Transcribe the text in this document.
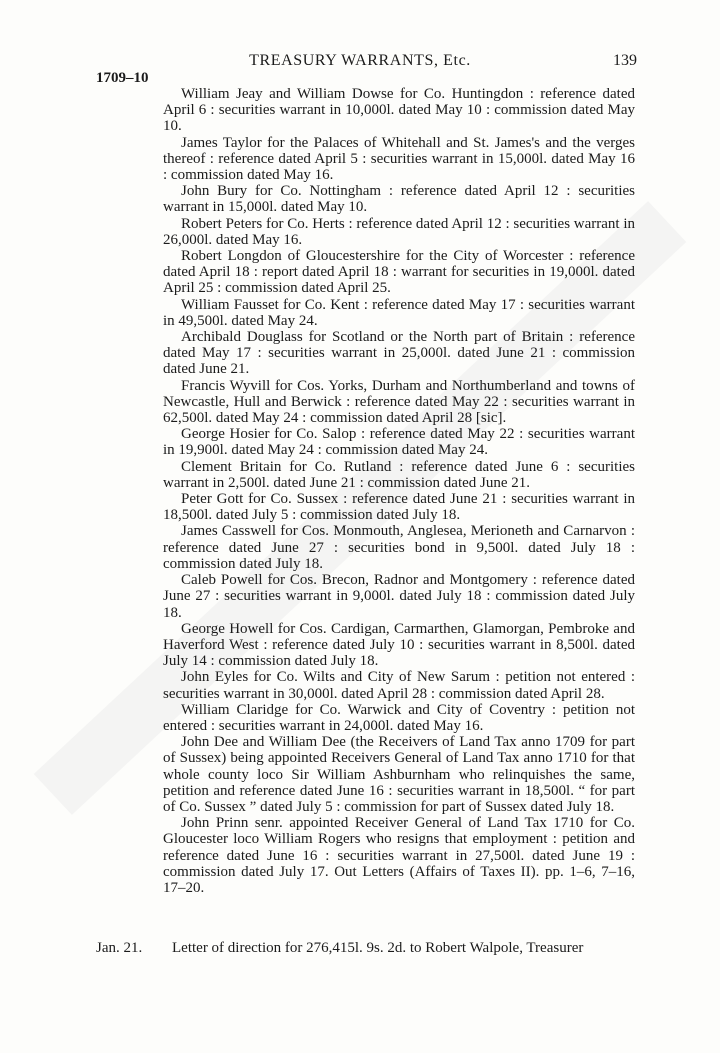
TREASURY WARRANTS, Etc.	139
1709–10

William Jeay and William Dowse for Co. Huntingdon : reference dated April 6 : securities warrant in 10,000l. dated May 10 : commission dated May 10.

James Taylor for the Palaces of Whitehall and St. James's and the verges thereof : reference dated April 5 : securities warrant in 15,000l. dated May 16 : commission dated May 16.

John Bury for Co. Nottingham : reference dated April 12 : securities warrant in 15,000l. dated May 10.

Robert Peters for Co. Herts : reference dated April 12 : securities warrant in 26,000l. dated May 16.

Robert Longdon of Gloucestershire for the City of Worcester : reference dated April 18 : report dated April 18 : warrant for securities in 19,000l. dated April 25 : commission dated April 25.

William Fausset for Co. Kent : reference dated May 17 : securities warrant in 49,500l. dated May 24.

Archibald Douglass for Scotland or the North part of Britain : reference dated May 17 : securities warrant in 25,000l. dated June 21 : commission dated June 21.

Francis Wyvill for Cos. Yorks, Durham and Northumberland and towns of Newcastle, Hull and Berwick : reference dated May 22 : securities warrant in 62,500l. dated May 24 : commission dated April 28 [sic].

George Hosier for Co. Salop : reference dated May 22 : securities warrant in 19,900l. dated May 24 : commission dated May 24.

Clement Britain for Co. Rutland : reference dated June 6 : securities warrant in 2,500l. dated June 21 : commission dated June 21.

Peter Gott for Co. Sussex : reference dated June 21 : securities warrant in 18,500l. dated July 5 : commission dated July 18.

James Casswell for Cos. Monmouth, Anglesea, Merioneth and Carnarvon : reference dated June 27 : securities bond in 9,500l. dated July 18 : commission dated July 18.

Caleb Powell for Cos. Brecon, Radnor and Montgomery : reference dated June 27 : securities warrant in 9,000l. dated July 18 : commission dated July 18.

George Howell for Cos. Cardigan, Carmarthen, Glamorgan, Pembroke and Haverford West : reference dated July 10 : securities warrant in 8,500l. dated July 14 : commission dated July 18.

John Eyles for Co. Wilts and City of New Sarum : petition not entered : securities warrant in 30,000l. dated April 28 : commission dated April 28.

William Claridge for Co. Warwick and City of Coventry : petition not entered : securities warrant in 24,000l. dated May 16.

John Dee and William Dee (the Receivers of Land Tax anno 1709 for part of Sussex) being appointed Receivers General of Land Tax anno 1710 for that whole county loco Sir William Ashburnham who relinquishes the same, petition and reference dated June 16 : securities warrant in 18,500l. “ for part of Co. Sussex ” dated July 5 : commission for part of Sussex dated July 18.

John Prinn senr. appointed Receiver General of Land Tax 1710 for Co. Gloucester loco William Rogers who resigns that employment : petition and reference dated June 16 : securities warrant in 27,500l. dated June 19 : commission dated July 17. Out Letters (Affairs of Taxes II). pp. 1–6, 7–16, 17–20.

Jan. 21. Letter of direction for 276,415l. 9s. 2d. to Robert Walpole, Treasurer
